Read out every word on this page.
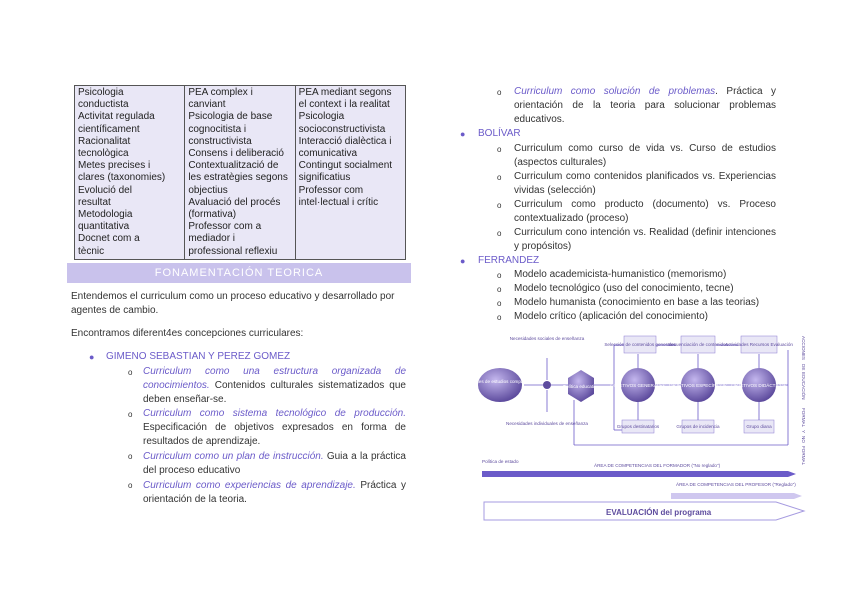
Psicologia
conductista
Activitat regulada
científicament
Racionalitat
tecnològica
Metes precises i
clares (taxonomies)
Evolució del
resultat
Metodologia
quantitativa
Docnet com a
tècnic

PEA complex i
canviant
Psicologia de base
cognocitista i
constructivista
Consens i deliberació
Contextualització de
les estratègies segons
objectius
Avaluació del procés
(formativa)
Professor com a
mediador i
professional reflexiu

PEA mediant segons
el context i la realitat
Psicologia
socioconstructivista
Interacció dialèctica i
comunicativa
Contingut socialment
significatius
Professor com
intel·lectual i crític
FONAMENTACIÓN TEORICA
Entendemos el curriculum como un proceso educativo y desarrollado por agentes de cambio.
Encontramos diferent4es concepciones curriculares:
● GIMENO SEBASTIAN Y PEREZ GOMEZ
o Curriculum como una estructura organizada de conocimientos. Contenidos culturales sistematizados que deben enseñar-se.
o Curriculum como sistema tecnológico de producción. Especificación de objetivos expresados en forma de resultados de aprendizaje.
o Curriculum como un plan de instrucción. Guia a la práctica del proceso educativo
o Curriculum como experiencias de aprendizaje. Práctica y orientación de la teoria.
o Curriculum como solución de problemas. Práctica y orientación de la teoria para solucionar problemas educativos.
● BOLÍVAR
o Curriculum como curso de vida vs. Curso de estudios (aspectos culturales)
o Curriculum como contenidos planificados vs. Experiencias vividas (selección)
o Curriculum como producto (documento) vs. Proceso contextualizado (proceso)
o Curriculum cono intención vs. Realidad (definir intenciones y propósitos)
● FERRANDEZ
o Modelo academicista-humanistico (memorismo)
o Modelo tecnológico (uso del conocimiento, tecne)
o Modelo humanista (conocimiento en base a las teorias)
o Modelo crítico (aplicación del conocimiento)
Acciones de estudios comparados
Necesidades sociales de enseñanza
Necesidades individuales de enseñanza
Política educativa
Selección de contenidos generales
Secuenciación de contenidos
Actividades Recursos Evaluación
OBJETIVOS GENERALES OBJETIVOS ESPECÍFICOS OBJETIVOS DIDÁCTICOS
Grupos destinatarios	Grupos de incidencia	Grupo diana
ACCIONES
DE
EDUCACIÓN
FORMAL
Y
NO
FORMAL
Política de estado
ÁREA DE COMPETENCIAS DEL FORMADOR ("No reglado")
ÁREA DE COMPETENCIAS DEL PROFESOR ("Reglado")
EVALUACIÓN del programa
